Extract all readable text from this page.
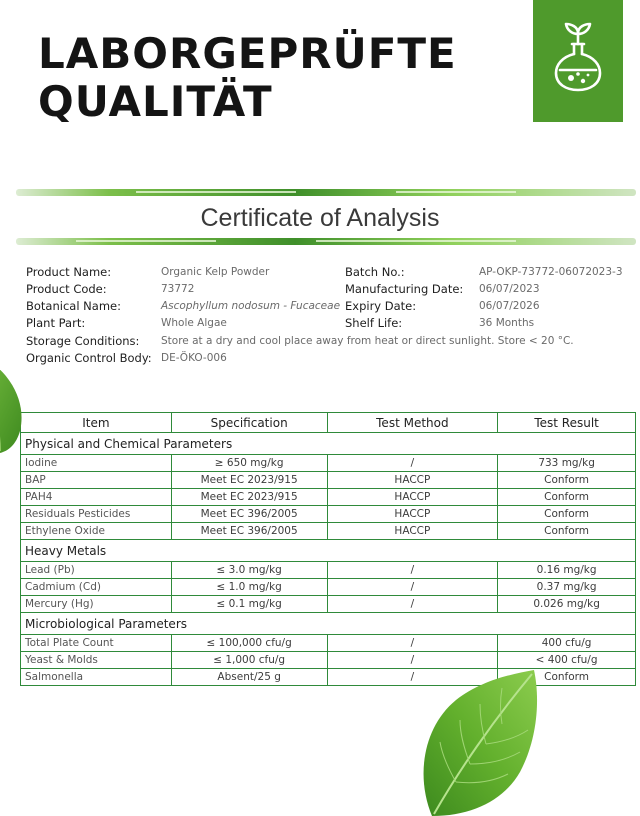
LABORGEPRÜFTE
QUALITÄT
Certificate of Analysis
Product Name:	Organic Kelp Powder
Product Code:	73772
Botanical Name:	Ascophyllum nodosum - Fucaceae
Plant Part:	Whole Algae
Batch No.:	AP-OKP-73772-06072023-3
Manufacturing Date: 06/07/2023
Expiry Date:	06/07/2026
Shelf Life:	36 Months
Storage Conditions: Store at a dry and cool place away from heat or direct sunlight. Store < 20 °C.
Organic Control Body: DE-ÖKO-006
Item	Specification	Test Method	Test Result
Physical and Chemical Parameters			
Iodine	≥ 650 mg/kg	/	733 mg/kg
BAP	Meet EC 2023/915	HACCP	Conform
PAH4	Meet EC 2023/915	HACCP	Conform
Residuals Pesticides	Meet EC 396/2005	HACCP	Conform
Ethylene Oxide	Meet EC 396/2005	HACCP	Conform
Heavy Metals			
Lead (Pb)	≤ 3.0 mg/kg	/	0.16 mg/kg
Cadmium (Cd)	≤ 1.0 mg/kg	/	0.37 mg/kg
Mercury (Hg)	≤ 0.1 mg/kg	/	0.026 mg/kg
Microbiological Parameters			
Total Plate Count	≤ 100,000 cfu/g	/	400 cfu/g
Yeast & Molds	≤ 1,000 cfu/g	/	< 400 cfu/g
Salmonella	Absent/25 g	/	Conform
